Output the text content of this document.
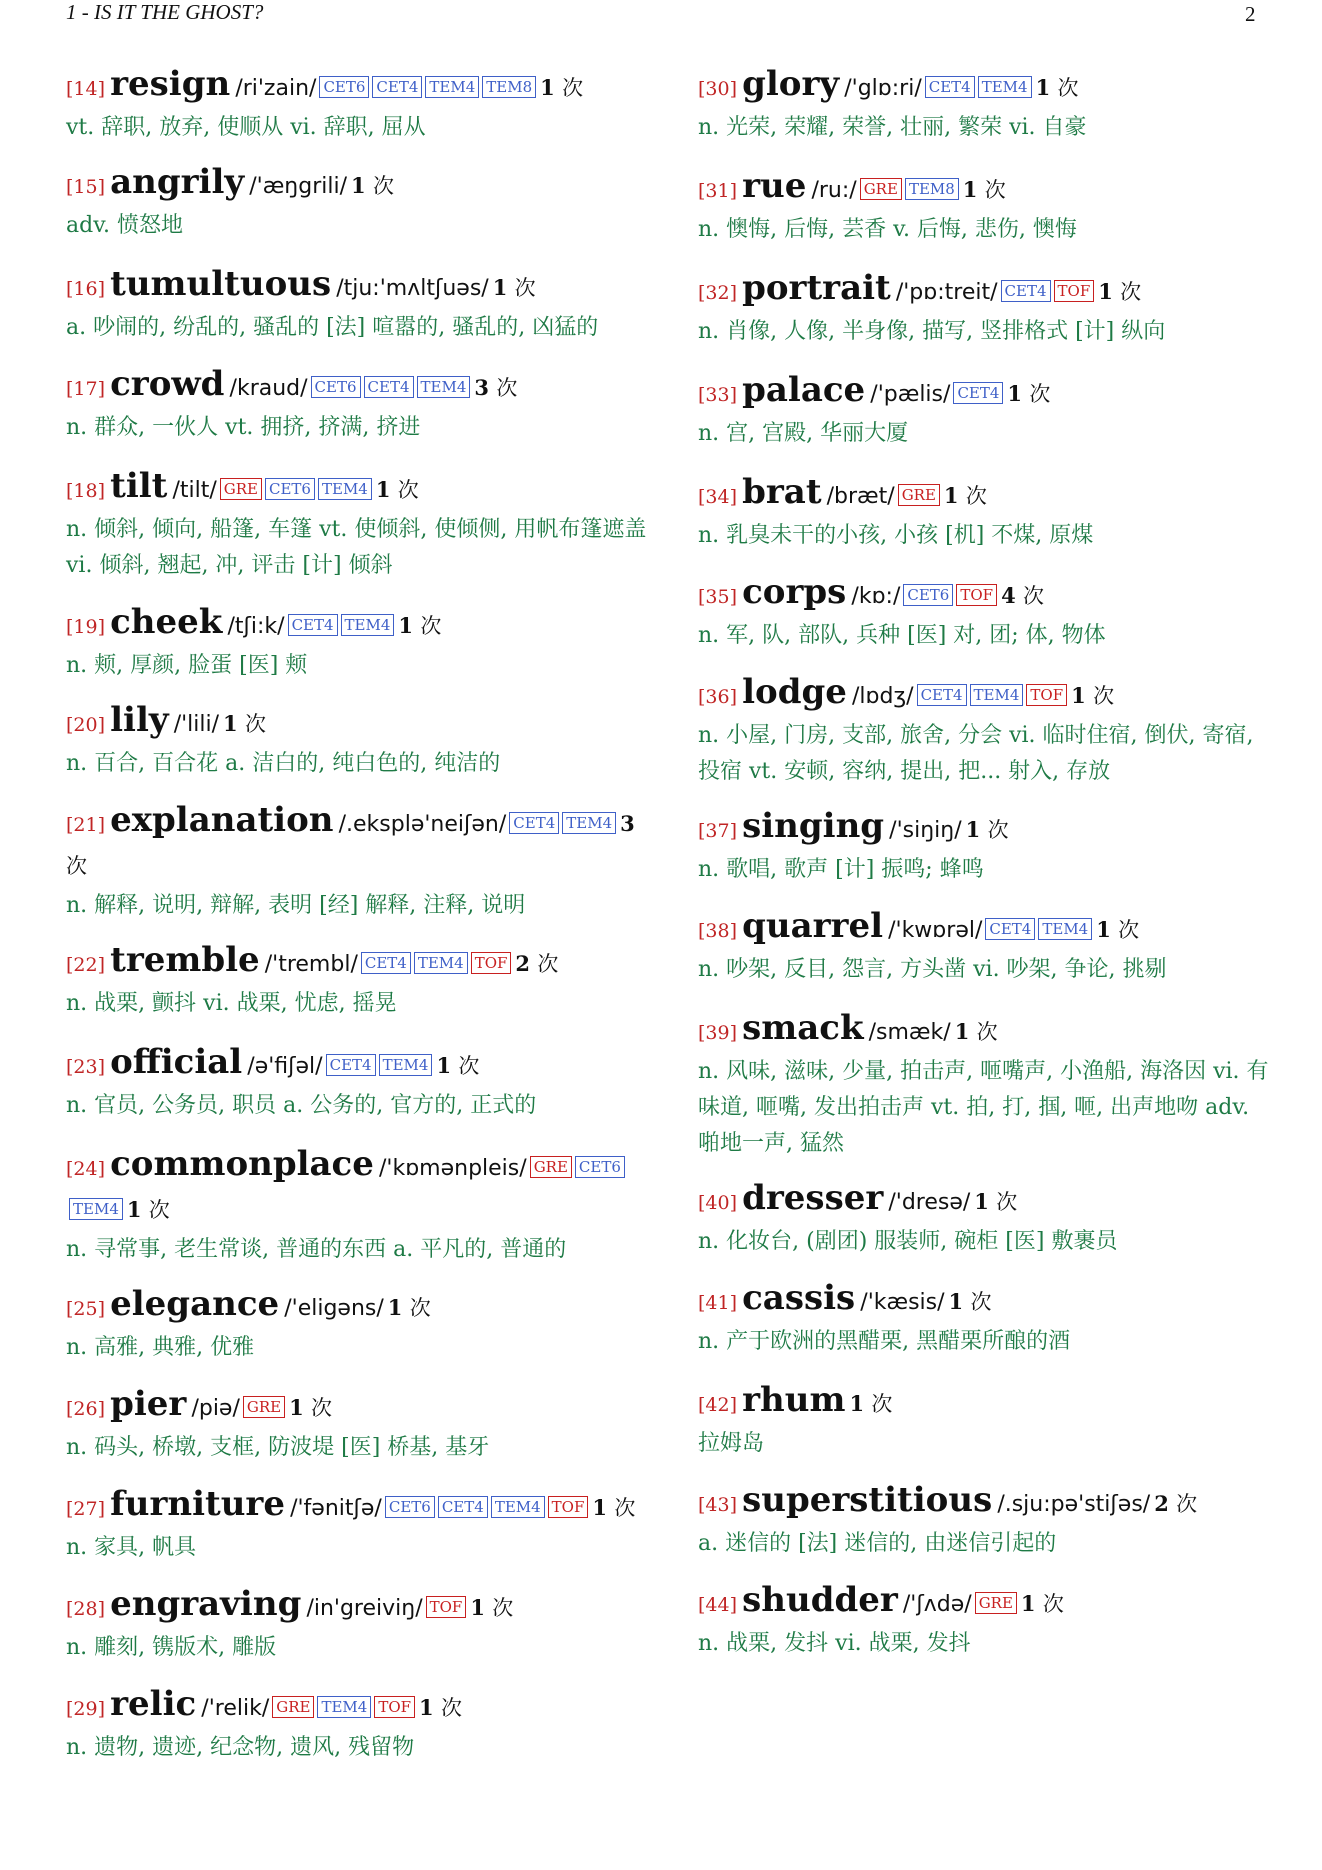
1 - IS IT THE GHOST?	2
[14] resign /ri'zain/ CET6 CET4 TEM4 TEM8 1 次
vt. 辞职, 放弃, 使顺从 vi. 辞职, 屈从
[15] angrily /'æŋgrili/ 1 次
adv. 愤怒地
[16] tumultuous /tju:'mʌltʃuəs/ 1 次
a. 吵闹的, 纷乱的, 骚乱的 [法] 喧嚣的, 骚乱的, 凶猛的
[17] crowd /kraud/ CET6 CET4 TEM4 3 次
n. 群众, 一伙人 vt. 拥挤, 挤满, 挤进
[18] tilt /tilt/ GRE CET6 TEM4 1 次
n. 倾斜, 倾向, 船篷, 车篷 vt. 使倾斜, 使倾侧, 用帆布篷遮盖 vi. 倾斜, 翘起, 冲, 评击 [计] 倾斜
[19] cheek /tʃi:k/ CET4 TEM4 1 次
n. 颊, 厚颜, 脸蛋 [医] 颊
[20] lily /'lili/ 1 次
n. 百合, 百合花 a. 洁白的, 纯白色的, 纯洁的
[21] explanation /.eksplə'neiʃən/ CET4 TEM4 3 次
n. 解释, 说明, 辩解, 表明 [经] 解释, 注释, 说明
[22] tremble /'trembl/ CET4 TEM4 TOF 2 次
n. 战栗, 颤抖 vi. 战栗, 忧虑, 摇晃
[23] official /ə'fiʃəl/ CET4 TEM4 1 次
n. 官员, 公务员, 职员 a. 公务的, 官方的, 正式的
[24] commonplace /'kɒmənpleis/ GRE CET6TEM4 1 次
n. 寻常事, 老生常谈, 普通的东西 a. 平凡的, 普通的
[25] elegance /'eligəns/ 1 次
n. 高雅, 典雅, 优雅
[26] pier /piə/ GRE 1 次
n. 码头, 桥墩, 支框, 防波堤 [医] 桥基, 基牙
[27] furniture /'fənitʃə/ CET6 CET4 TEM4 TOF 1 次
n. 家具, 帆具
[28] engraving /in'greiviŋ/ TOF 1 次
n. 雕刻, 镌版术, 雕版
[29] relic /'relik/ GRE TEM4 TOF 1 次
n. 遗物, 遗迹, 纪念物, 遗风, 残留物
[30] glory /'glɒ:ri/ CET4 TEM4 1 次
n. 光荣, 荣耀, 荣誉, 壮丽, 繁荣 vi. 自豪
[31] rue /ru:/ GRE TEM8 1 次
n. 懊悔, 后悔, 芸香 v. 后悔, 悲伤, 懊悔
[32] portrait /'pɒ:treit/ CET4 TOF 1 次
n. 肖像, 人像, 半身像, 描写, 竖排格式 [计] 纵向
[33] palace /'pælis/ CET4 1 次
n. 宫, 宫殿, 华丽大厦
[34] brat /bræt/ GRE 1 次
n. 乳臭未干的小孩, 小孩 [机] 不煤, 原煤
[35] corps /kɒ:/ CET6 TOF 4 次
n. 军, 队, 部队, 兵种 [医] 对, 团; 体, 物体
[36] lodge /lɒdʒ/ CET4 TEM4 TOF 1 次
n. 小屋, 门房, 支部, 旅舍, 分会 vi. 临时住宿, 倒伏, 寄宿, 投宿 vt. 安顿, 容纳, 提出, 把... 射入, 存放
[37] singing /'siŋiŋ/ 1 次
n. 歌唱, 歌声 [计] 振鸣; 蜂鸣
[38] quarrel /'kwɒrəl/ CET4 TEM4 1 次
n. 吵架, 反目, 怨言, 方头凿 vi. 吵架, 争论, 挑剔
[39] smack /smæk/ 1 次
n. 风味, 滋味, 少量, 拍击声, 咂嘴声, 小渔船, 海洛因 vi. 有味道, 咂嘴, 发出拍击声 vt. 拍, 打, 掴, 咂, 出声地吻 adv. 啪地一声, 猛然
[40] dresser /'dresə/ 1 次
n. 化妆台, (剧团) 服装师, 碗柜 [医] 敷裹员
[41] cassis /'kæsis/ 1 次
n. 产于欧洲的黑醋栗, 黑醋栗所酿的酒
[42] rhum 1 次
拉姆岛
[43] superstitious /.sju:pə'stiʃəs/ 2 次
a. 迷信的 [法] 迷信的, 由迷信引起的
[44] shudder /'ʃʌdə/ GRE 1 次
n. 战栗, 发抖 vi. 战栗, 发抖
